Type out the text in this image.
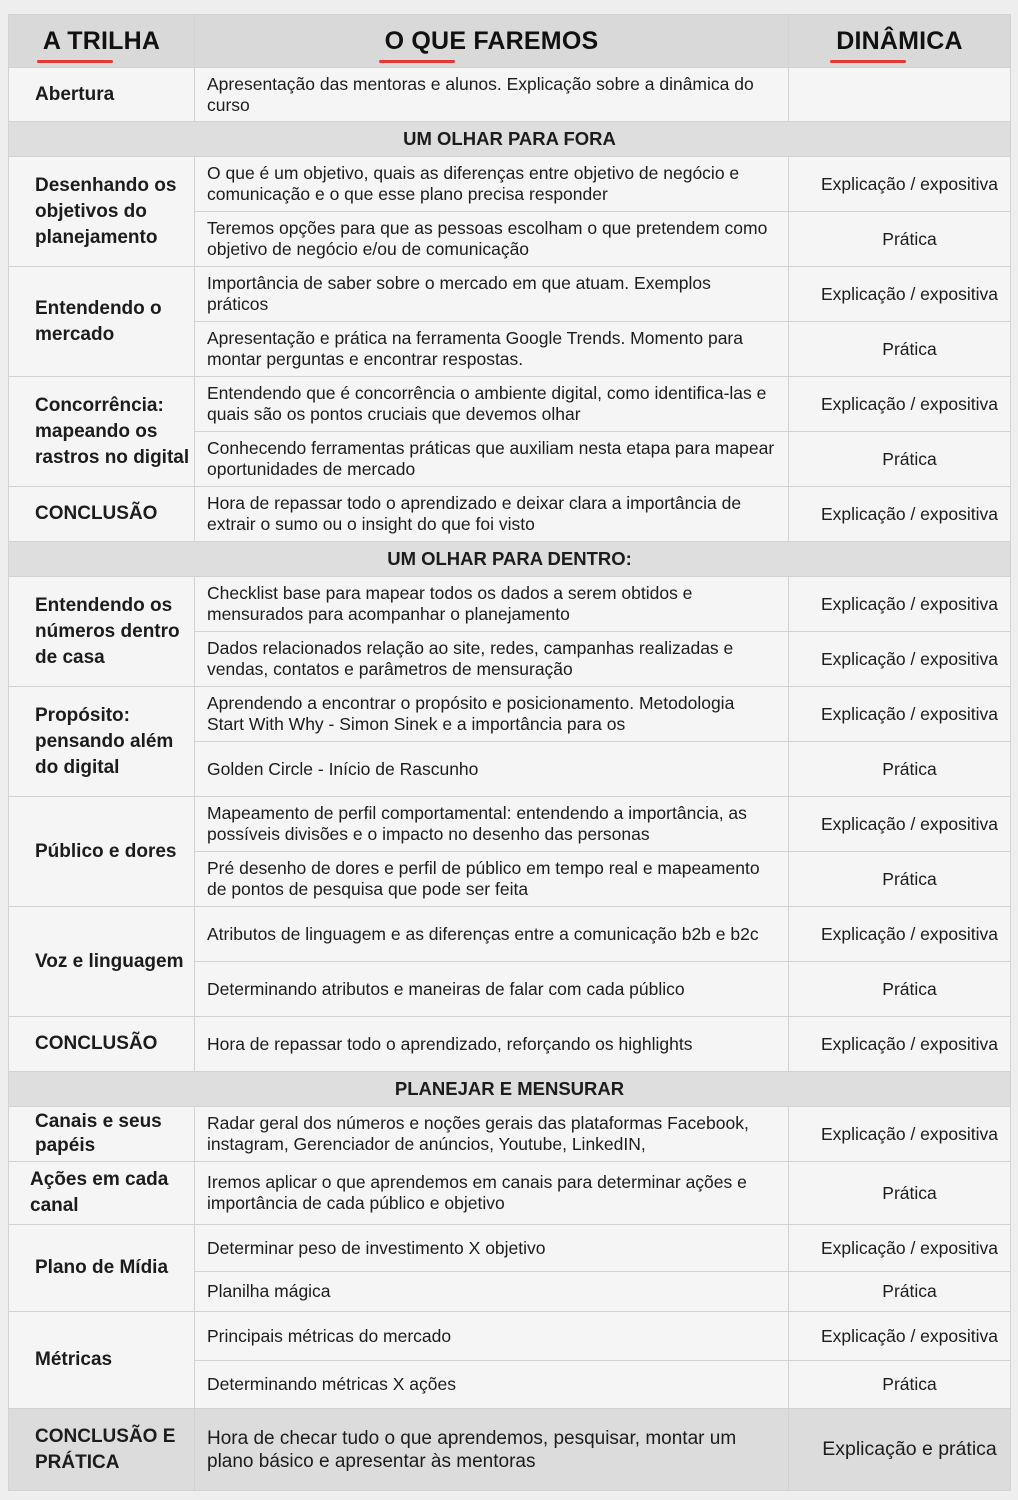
A TRILHA	O QUE FAREMOS	DINÂMICA
Abertura	Apresentação das mentoras e alunos. Explicação sobre a dinâmica do curso	

UM OLHAR PARA FORA		
Desenhando os objetivos do planejamento	O que é um objetivo, quais as diferenças entre objetivo de negócio e comunicação e o que esse plano precisa responder	Explicação / expositiva

	Teremos opções para que as pessoas escolham o que pretendem como objetivo de negócio e/ou de comunicação	Prática
Entendendo o mercado	Importância de saber sobre o mercado em que atuam. Exemplos práticos	Explicação / expositiva

	Apresentação e prática na ferramenta Google Trends. Momento para montar perguntas e encontrar respostas.	Prática
Concorrência: mapeando os rastros no digital	Entendendo que é concorrência o ambiente digital, como identifica-las e quais são os pontos cruciais que devemos olhar	Explicação / expositiva

	Conhecendo ferramentas práticas que auxiliam nesta etapa para mapear oportunidades de mercado	Prática
CONCLUSÃO	Hora de repassar todo o aprendizado e deixar clara a importância de extrair o sumo ou o insight do que foi visto	Explicação / expositiva
UM OLHAR PARA DENTRO:		
Entendendo os números dentro de casa	Checklist base para mapear todos os dados a serem obtidos e mensurados para acompanhar o planejamento	Explicação / expositiva

	Dados relacionados relação ao site, redes, campanhas realizadas e vendas, contatos e parâmetros de mensuração	Explicação / expositiva
Propósito: pensando além do digital	Aprendendo a encontrar o propósito e posicionamento. Metodologia Start With Why - Simon Sinek e a importância para os	Explicação / expositiva

	Golden Circle - Início de Rascunho	Prática
Público e dores	Mapeamento de perfil comportamental: entendendo a importância, as possíveis divisões e o impacto no desenho das personas	Explicação / expositiva

	Pré desenho de dores e perfil de público em tempo real e mapeamento de pontos de pesquisa que pode ser feita	Prática
Voz e linguagem	Atributos de linguagem e as diferenças entre a comunicação b2b e b2c	Explicação / expositiva

	Determinando atributos e maneiras de falar com cada público	Prática
CONCLUSÃO	Hora de repassar todo o aprendizado, reforçando os highlights	Explicação / expositiva
PLANEJAR E MENSURAR		
Canais e seus papéis	Radar geral dos números e noções gerais das plataformas Facebook, instagram, Gerenciador de anúncios, Youtube, LinkedIN,	Explicação / expositiva
Ações em cada canal	Iremos aplicar o que aprendemos em canais para determinar ações e importância de cada público e objetivo	Prática
Plano de Mídia	Determinar peso de investimento X objetivo	Explicação / expositiva

	Planilha mágica	Prática
Métricas	Principais métricas do mercado	Explicação / expositiva

	Determinando métricas X ações	Prática
CONCLUSÃO E PRÁTICA	Hora de checar tudo o que aprendemos, pesquisar, montar um plano básico e apresentar às mentoras	Explicação e prática
